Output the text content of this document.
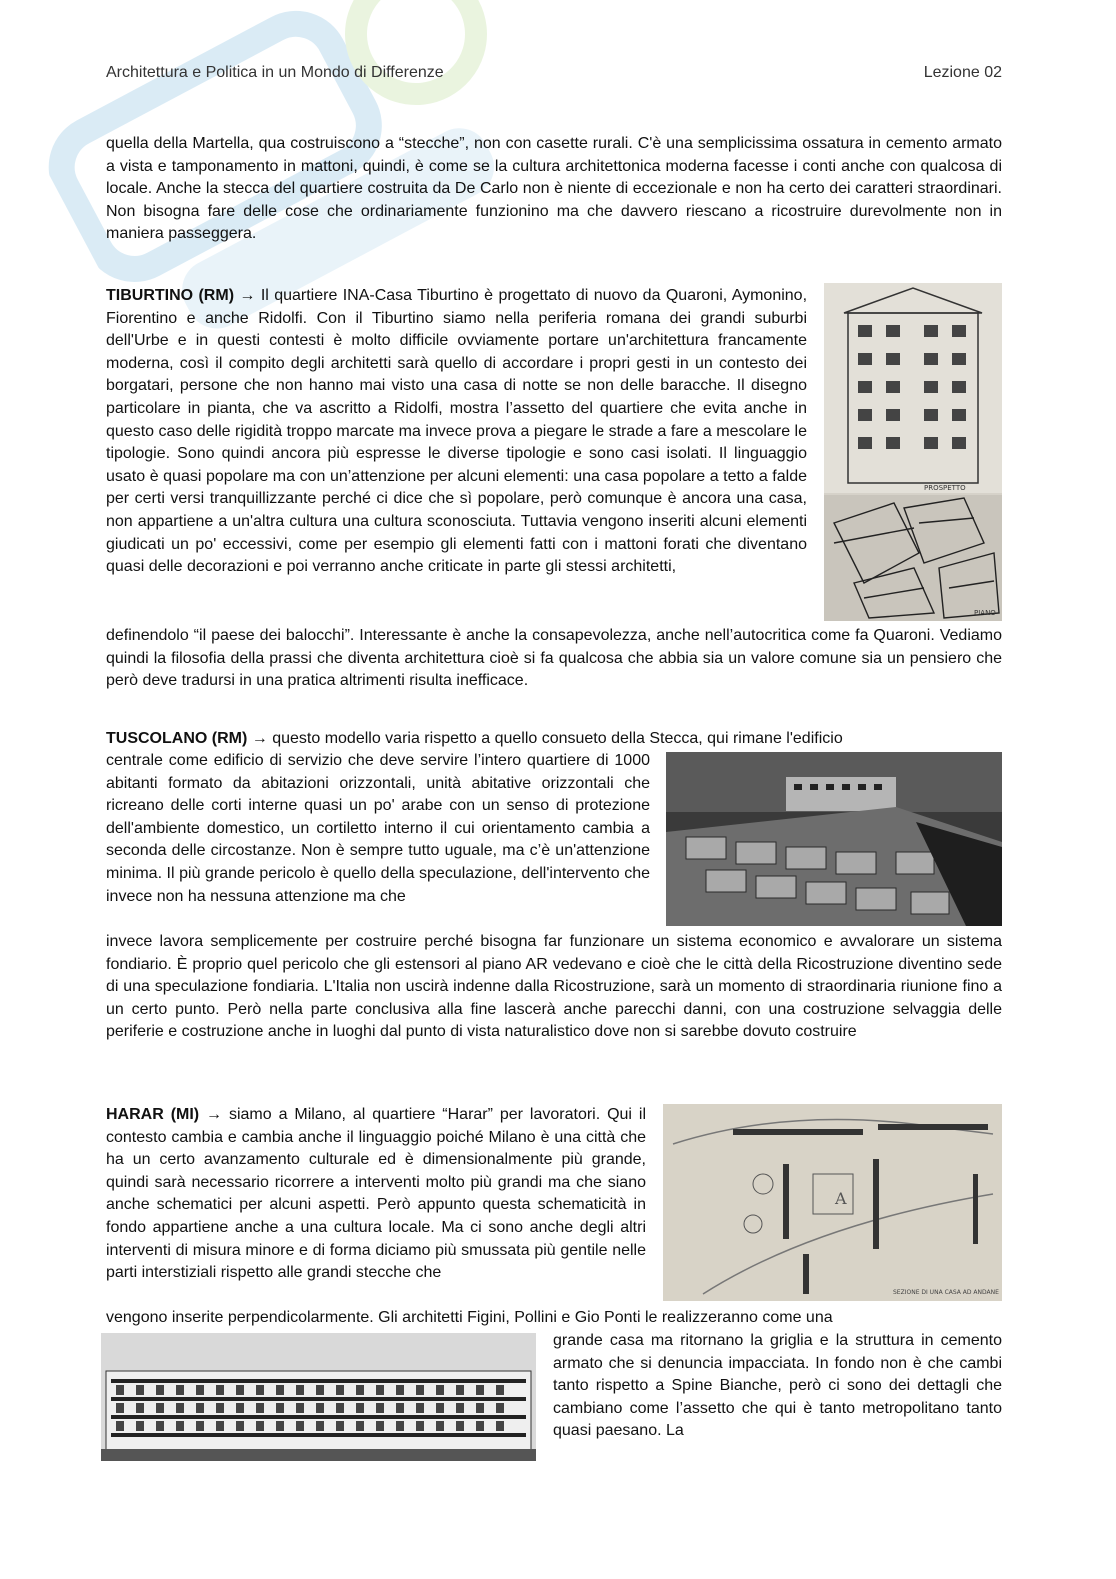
Architettura e Politica in un Mondo di Differenze	Lezione 02

quella della Martella, qua costruiscono a “stecche”, non con casette rurali. C'è una semplicissima ossatura in cemento armato a vista e tamponamento in mattoni, quindi, è come se la cultura architettonica moderna facesse i conti anche con qualcosa di locale. Anche la stecca del quartiere costruita da De Carlo non è niente di eccezionale e non ha certo dei caratteri straordinari. Non bisogna fare delle cose che ordinariamente funzionino ma che davvero riescano a ricostruire durevolmente non in maniera passeggera.

TIBURTINO (RM) → Il quartiere INA-Casa Tiburtino è progettato di nuovo da Quaroni, Aymonino, Fiorentino e anche Ridolfi. Con il Tiburtino siamo nella periferia romana dei grandi suburbi dell'Urbe e in questi contesti è molto difficile ovviamente portare un'architettura francamente moderna, così il compito degli architetti sarà quello di accordare i propri gesti in un contesto dei borgatari, persone che non hanno mai visto una casa di notte se non delle baracche. Il disegno particolare in pianta, che va ascritto a Ridolfi, mostra l’assetto del quartiere che evita anche in questo caso delle rigidità troppo marcate ma invece prova a piegare le strade a fare a mescolare le tipologie. Sono quindi ancora più espresse le diverse tipologie e sono casi isolati. Il linguaggio usato è quasi popolare ma con un’attenzione per alcuni elementi: una casa popolare a tetto a falde per certi versi tranquillizzante perché ci dice che sì popolare, però comunque è ancora una casa, non appartiene a un'altra cultura una cultura sconosciuta. Tuttavia vengono inseriti alcuni elementi giudicati un po' eccessivi, come per esempio gli elementi fatti con i mattoni forati che diventano quasi delle decorazioni e poi verranno anche criticate in parte gli stessi architetti,

definendolo “il paese dei balocchi”. Interessante è anche la consapevolezza, anche nell’autocritica come fa Quaroni. Vediamo quindi la filosofia della prassi che diventa architettura cioè si fa qualcosa che abbia sia un valore comune sia un pensiero che però deve tradursi in una pratica altrimenti risulta inefficace.

PROSPETTO
PIANO

TUSCOLANO (RM) → questo modello varia rispetto a quello consueto della Stecca, qui rimane l'edificio

centrale come edificio di servizio che deve servire l’intero quartiere di 1000 abitanti formato da abitazioni orizzontali, unità abitative orizzontali che ricreano delle corti interne quasi un po' arabe con un senso di protezione dell'ambiente domestico, un cortiletto interno il cui orientamento cambia a seconda delle circostanze. Non è sempre tutto uguale, ma c’è un'attenzione minima. Il più grande pericolo è quello della speculazione, dell'intervento che invece non ha nessuna attenzione ma che

invece lavora semplicemente per costruire perché bisogna far funzionare un sistema economico e avvalorare un sistema fondiario. È proprio quel pericolo che gli estensori al piano AR vedevano e cioè che le città della Ricostruzione diventino sede di una speculazione fondiaria. L'Italia non uscirà indenne dalla Ricostruzione, sarà un momento di straordinaria riunione fino a un certo punto. Però nella parte conclusiva alla fine lascerà anche parecchi danni, con una costruzione selvaggia delle periferie e costruzione anche in luoghi dal punto di vista naturalistico dove non si sarebbe dovuto costruire

HARAR (MI) → siamo a Milano, al quartiere “Harar” per lavoratori. Qui il contesto cambia e cambia anche il linguaggio poiché Milano è una città che ha un certo avanzamento culturale ed è dimensionalmente più grande, quindi sarà necessario ricorrere a interventi molto più grandi ma che siano anche schematici per alcuni aspetti. Però appunto questa schematicità in fondo appartiene anche a una cultura locale. Ma ci sono anche degli altri interventi di misura minore e di forma diciamo più smussata più gentile nelle parti interstiziali rispetto alle grandi stecche che

vengono inserite perpendicolarmente. Gli architetti Figini, Pollini e Gio Ponti le realizzeranno come una

grande casa ma ritornano la griglia e la struttura in cemento armato che si denuncia impacciata. In fondo non è che cambi tanto rispetto a Spine Bianche, però ci sono dei dettagli che cambiano come l’assetto che qui è tanto metropolitano tanto quasi paesano. La

A
SEZIONE DI UNA CASA AD ANDANE
